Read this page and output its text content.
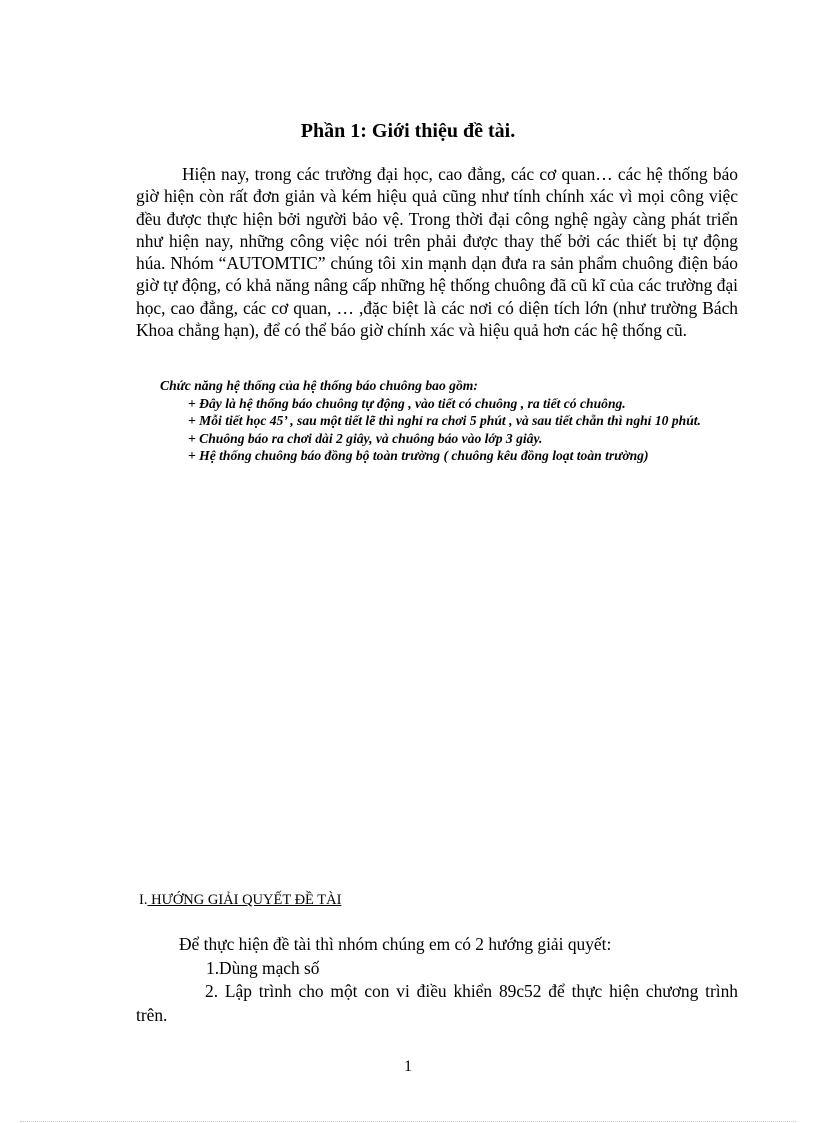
Phần 1: Giới thiệu đề tài.

Hiện nay, trong các trường đại học, cao đẳng, các cơ quan… các hệ thống báo giờ hiện còn rất đơn giản và kém hiệu quả cũng như tính chính xác vì mọi công việc đều được thực hiện bởi người bảo vệ. Trong thời đại công nghệ ngày càng phát triển như hiện nay, những công việc nói trên phải được thay thế bởi các thiết bị tự động húa. Nhóm “AUTOMTIC” chúng tôi xin mạnh dạn đưa ra sản phẩm chuông điện báo giờ tự động, có khả năng nâng cấp những hệ thống chuông đã cũ kĩ của các trường đại học, cao đẳng, các cơ quan, … ,đặc biệt là các nơi có diện tích lớn (như trường Bách Khoa chẳng hạn), để có thể báo giờ chính xác và hiệu quả hơn các hệ thống cũ.

Chức năng hệ thống của hệ thống báo chuông bao gồm:
+ Đây là hệ thống báo chuông tự động , vào tiết có chuông , ra tiết có chuông.
+ Mỗi tiết học 45’ , sau một tiết lẽ thì nghỉ ra chơi 5 phút , và sau tiết chẵn thì nghỉ 10 phút.
+ Chuông báo ra chơi dài 2 giây, và chuông báo vào lớp 3 giây.
+ Hệ thống chuông báo đồng bộ toàn trường ( chuông kêu đồng loạt toàn trường)
I. HƯỚNG GIẢI QUYẾT ĐỀ TÀI
Để thực hiện đề tài thì nhóm chúng em có 2 hướng giải quyết:
1.Dùng mạch số
2. Lập trình cho một con vi điều khiển 89c52 để thực hiện chương trình trên.
1
